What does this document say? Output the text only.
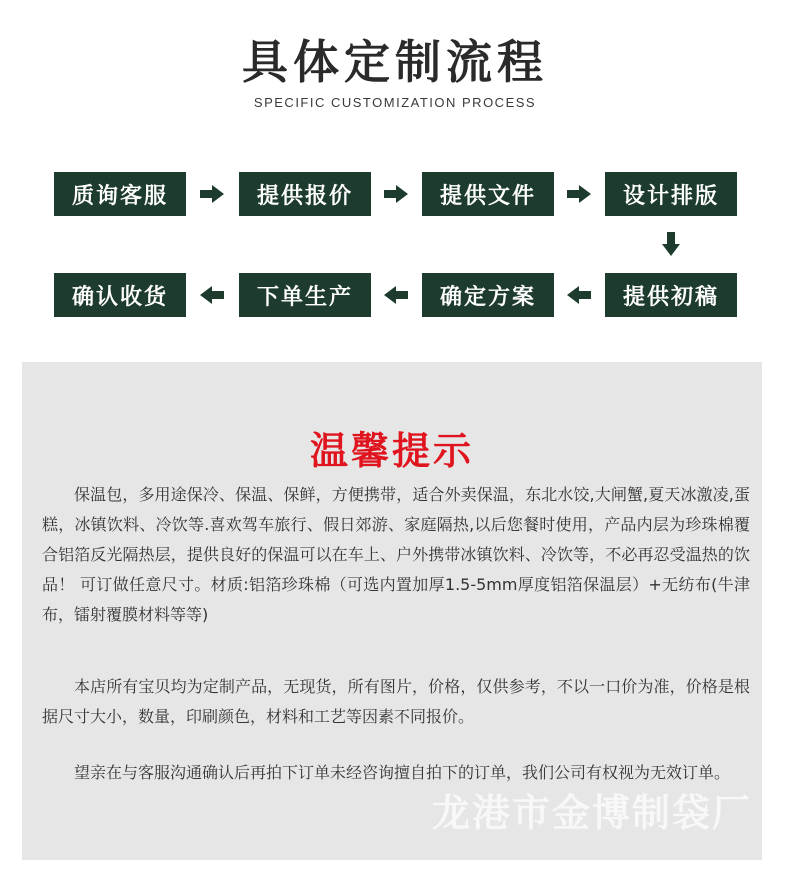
具体定制流程
SPECIFIC CUSTOMIZATION PROCESS
质询客服	提供报价	提供文件	设计排版
确认收货	下单生产	确定方案	提供初稿
温馨提示
保温包，多用途保冷、保温、保鲜，方便携带，适合外卖保温，东北水饺,大闸蟹,夏天冰激凌,蛋糕，冰镇饮料、冷饮等.喜欢驾车旅行、假日郊游、家庭隔热,以后您餐时使用，产品内层为珍珠棉覆合铝箔反光隔热层，提供良好的保温可以在车上、户外携带冰镇饮料、冷饮等，不必再忍受温热的饮品！ 可订做任意尺寸。材质:铝箔珍珠棉（可选内置加厚1.5-5mm厚度铝箔保温层）+无纺布(牛津布，镭射覆膜材料等等)
本店所有宝贝均为定制产品，无现货，所有图片，价格，仅供参考，不以一口价为准，价格是根据尺寸大小，数量，印刷颜色，材料和工艺等因素不同报价。
望亲在与客服沟通确认后再拍下订单未经咨询擅自拍下的订单，我们公司有权视为无效订单。
龙港市金博制袋厂
